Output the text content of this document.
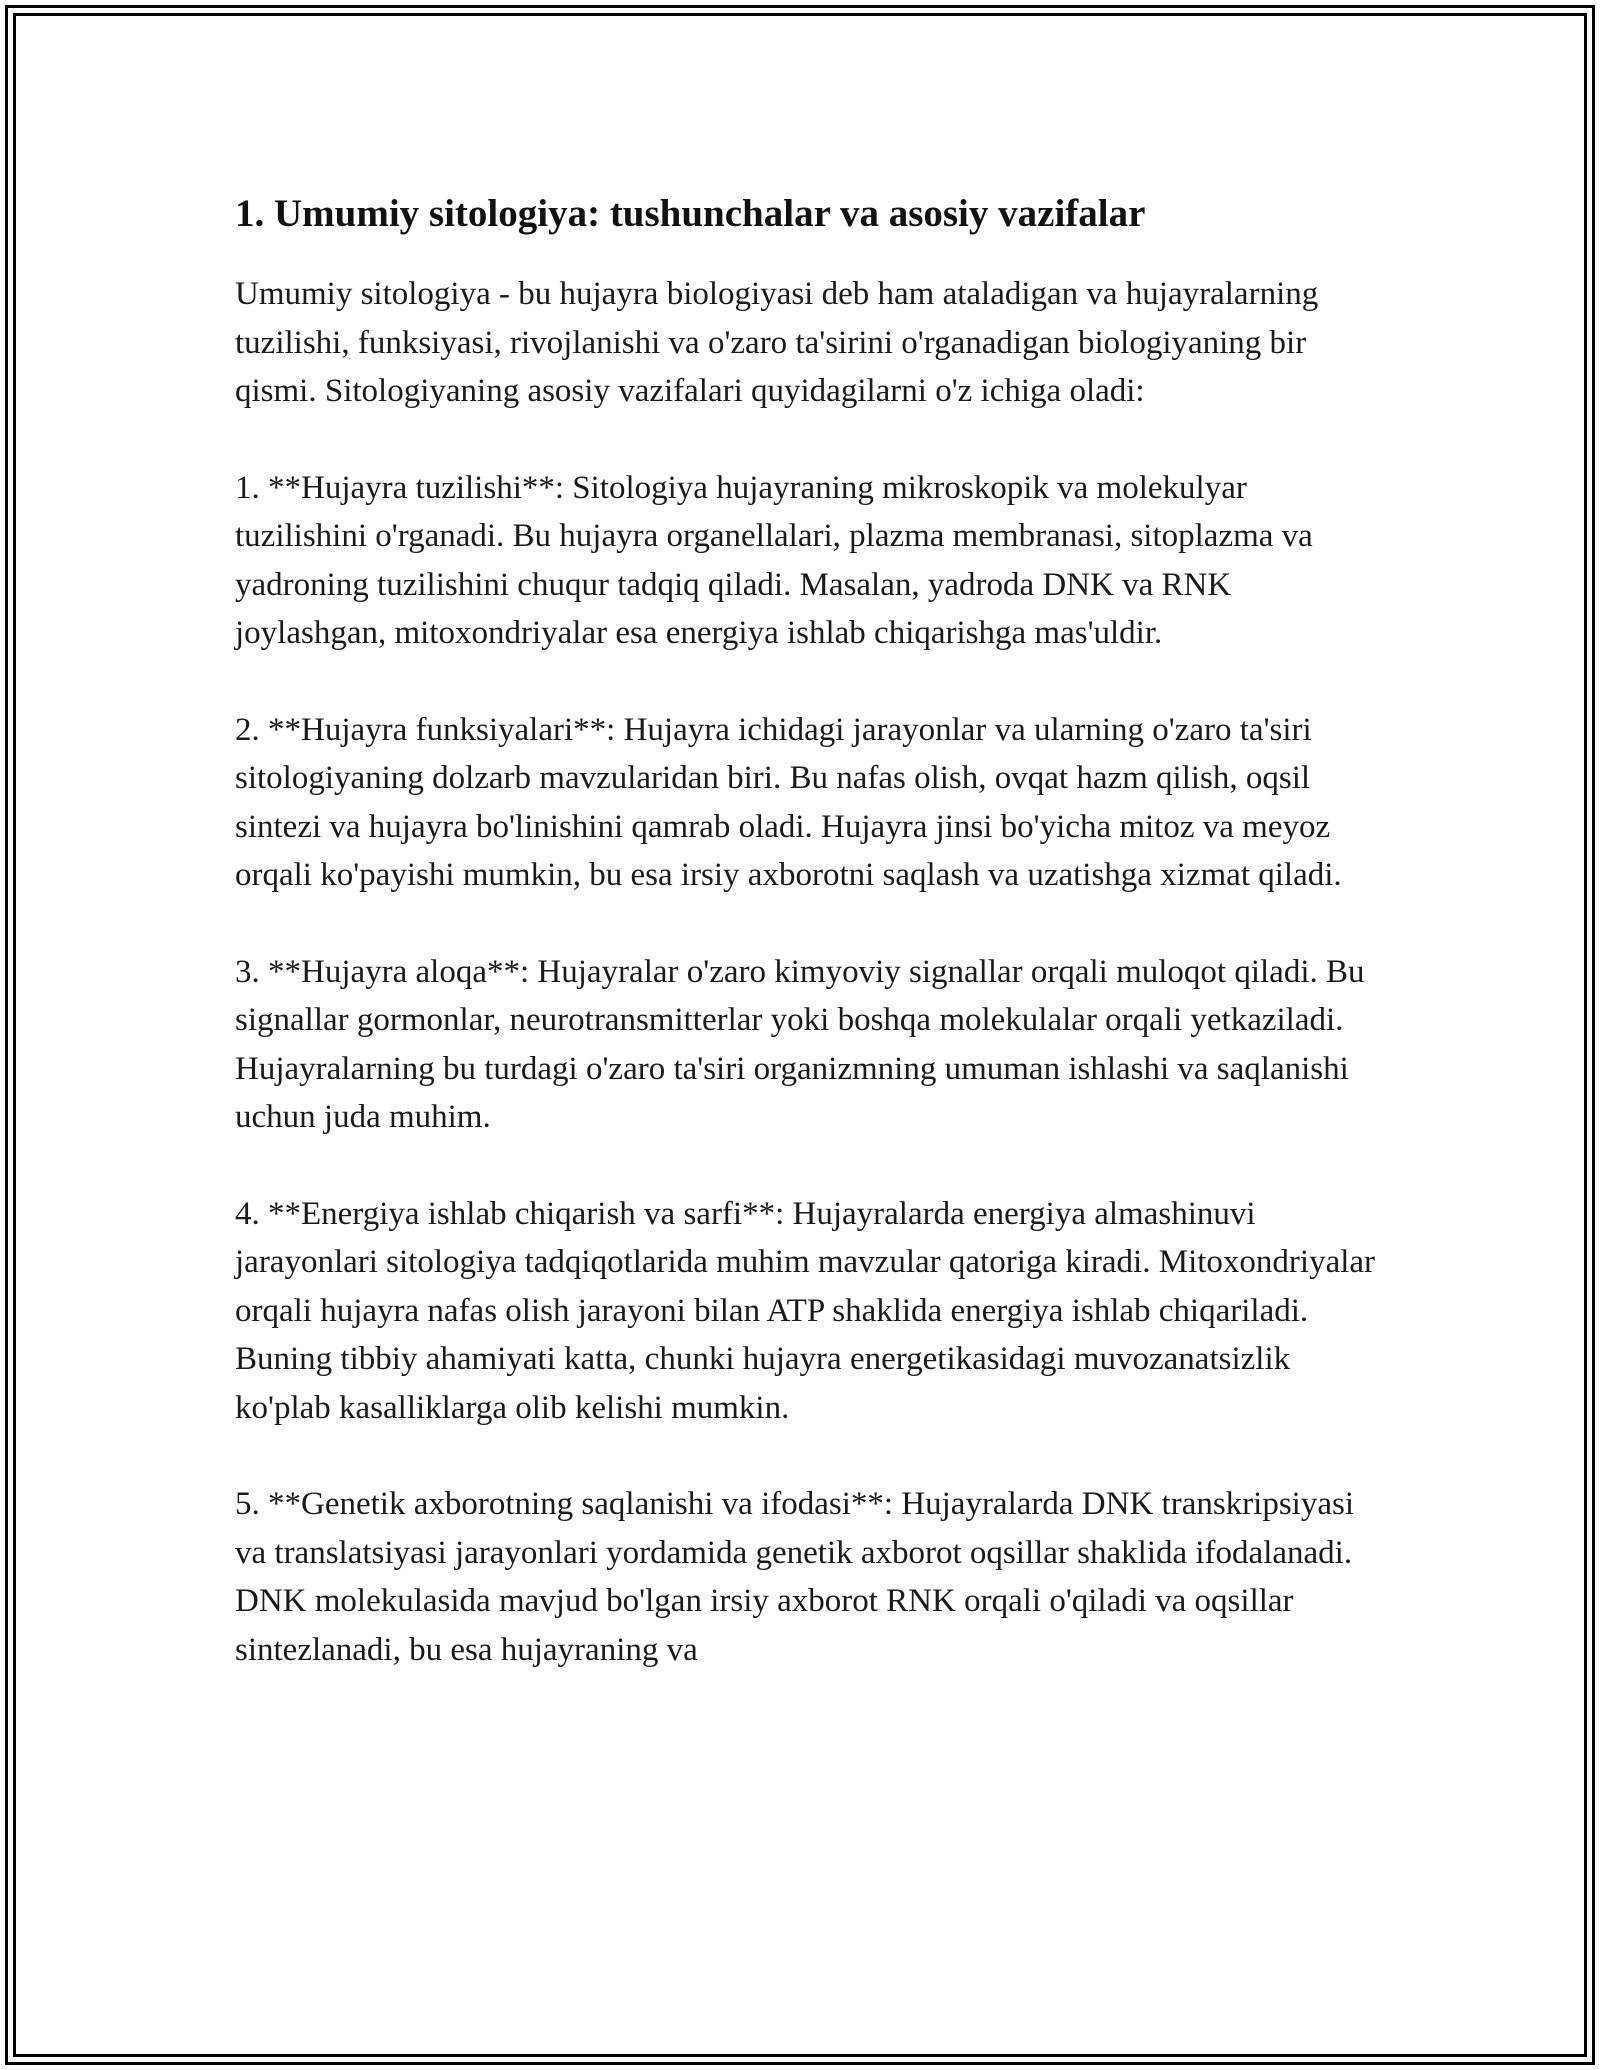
1. Umumiy sitologiya: tushunchalar va asosiy vazifalar

Umumiy sitologiya - bu hujayra biologiyasi deb ham ataladigan va hujayralarning tuzilishi, funksiyasi, rivojlanishi va o'zaro ta'sirini o'rganadigan biologiyaning bir qismi. Sitologiyaning asosiy vazifalari quyidagilarni o'z ichiga oladi:

1. **Hujayra tuzilishi**: Sitologiya hujayraning mikroskopik va molekulyar tuzilishini o'rganadi. Bu hujayra organellalari, plazma membranasi, sitoplazma va yadroning tuzilishini chuqur tadqiq qiladi. Masalan, yadroda DNK va RNK joylashgan, mitoxondriyalar esa energiya ishlab chiqarishga mas'uldir.

2. **Hujayra funksiyalari**: Hujayra ichidagi jarayonlar va ularning o'zaro ta'siri sitologiyaning dolzarb mavzularidan biri. Bu nafas olish, ovqat hazm qilish, oqsil sintezi va hujayra bo'linishini qamrab oladi. Hujayra jinsi bo'yicha mitoz va meyoz orqali ko'payishi mumkin, bu esa irsiy axborotni saqlash va uzatishga xizmat qiladi.

3. **Hujayra aloqa**: Hujayralar o'zaro kimyoviy signallar orqali muloqot qiladi. Bu signallar gormonlar, neurotransmitterlar yoki boshqa molekulalar orqali yetkaziladi. Hujayralarning bu turdagi o'zaro ta'siri organizmning umuman ishlashi va saqlanishi uchun juda muhim.

4. **Energiya ishlab chiqarish va sarfi**: Hujayralarda energiya almashinuvi jarayonlari sitologiya tadqiqotlarida muhim mavzular qatoriga kiradi. Mitoxondriyalar orqali hujayra nafas olish jarayoni bilan ATP shaklida energiya ishlab chiqariladi. Buning tibbiy ahamiyati katta, chunki hujayra energetikasidagi muvozanatsizlik ko'plab kasalliklarga olib kelishi mumkin.

5. **Genetik axborotning saqlanishi va ifodasi**: Hujayralarda DNK transkripsiyasi va translatsiyasi jarayonlari yordamida genetik axborot oqsillar shaklida ifodalanadi. DNK molekulasida mavjud bo'lgan irsiy axborot RNK orqali o'qiladi va oqsillar sintezlanadi, bu esa hujayraning va
